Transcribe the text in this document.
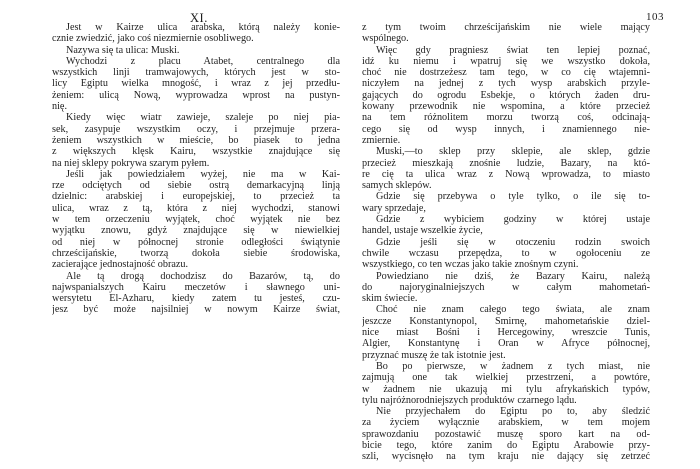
XI.
Jest w Kairze ulica arabska, którą należy konie-
cznie zwiedzić, jako coś niezmiernie osobliwego.
Nazywa się ta ulica: Muski.
Wychodzi z placu Atabet, centralnego dla
wszystkich linji tramwajowych, których jest w sto-
licy Egiptu wielka mnogość, i wraz z jej przedłu-
żeniem: ulicą Nową, wyprowadza wprost na pustyn-
nię.
Kiedy więc wiatr zawieje, szaleje po niej pia-
sek, zasypuje wszystkim oczy, i przejmuje przera-
żeniem wszystkich w mieście, bo piasek to jedna
z większych klęsk Kairu, wszystkie znajdujące się
na niej sklepy pokrywa szarym pyłem.
Jeśli jak powiedziałem wyżej, nie ma w Kai-
rze odciętych od siebie ostrą demarkacyjną linją
dzielnic: arabskiej i europejskiej, to przecież ta
ulica, wraz z tą, która z niej wychodzi, stanowi
w tem orzeczeniu wyjątek, choć wyjątek nie bez
wyjątku znowu, gdyż znajdujące się w niewielkiej
od niej w północnej stronie odległości świątynie
chrześcijańskie, tworzą dokoła siebie środowiska,
zacierające jednostajność obrazu.
Ale tą drogą dochodzisz do Bazarów, tą, do
najwspanialszych Kairu meczetów i sławnego uni-
wersytetu El-Azharu, kiedy zatem tu jesteś, czu-
jesz być może najsilniej w nowym Kairze świat,
103
z tym twoim chrześcijańskim nie wiele mający
wspólnego.
Więc gdy pragniesz świat ten lepiej poznać,
idź ku niemu i wpatruj się we wszystko dokoła,
choć nie dostrzeżesz tam tego, w co cię wtajemni-
niczyłem na jednej z tych wysp arabskich przyle-
gających do ogrodu Esbekje, o których żaden dru-
kowany przewodnik nie wspomina, a które przecież
na tem różnolitem morzu tworzą coś, odcinają-
cego się od wysp innych, i znamiennego nie-
zmiernie.
Muski,—to sklep przy sklepie, ale sklep, gdzie
przecież mieszkają znośnie ludzie, Bazary, na któ-
re cię ta ulica wraz z Nową wprowadza, to miasto
samych sklepów.
Gdzie się przebywa o tyle tylko, o ile się to-
wary sprzedaje,
Gdzie z wybiciem godziny w której ustaje
handel, ustaje wszelkie życie,
Gdzie jeśli się w otoczeniu rodzin swoich
chwile wczasu przepędza, to w ogołoceniu ze
wszystkiego, co ten wczas jako takie znośnym czyni.
Powiedziano nie dziś, że Bazary Kairu, należą
do najoryginalniejszych w całym mahometań-
skim świecie.
Choć nie znam całego tego świata, ale znam
jeszcze Konstantynopol, Smirnę, mahometańskie dziel-
nice miast Bośni i Hercegowiny, wreszcie Tunis,
Algier, Konstantynę i Oran w Afryce północnej,
przyznać muszę że tak istotnie jest.
Bo po pierwsze, w żadnem z tych miast, nie
zajmują one tak wielkiej przestrzeni, a powtóre,
w żadnem nie ukazują mi tylu afrykańskich typów,
tylu najróżnorodniejszych produktów czarnego lądu.
Nie przyjechałem do Egiptu po to, aby śledzić
za życiem wyłącznie arabskiem, w tem mojem
sprawozdaniu pozostawić muszę sporo kart na od-
bicie tego, które zanim do Egiptu Arabowie przy-
szli, wycisnęło na tym kraju nie dający się zetrzeć
